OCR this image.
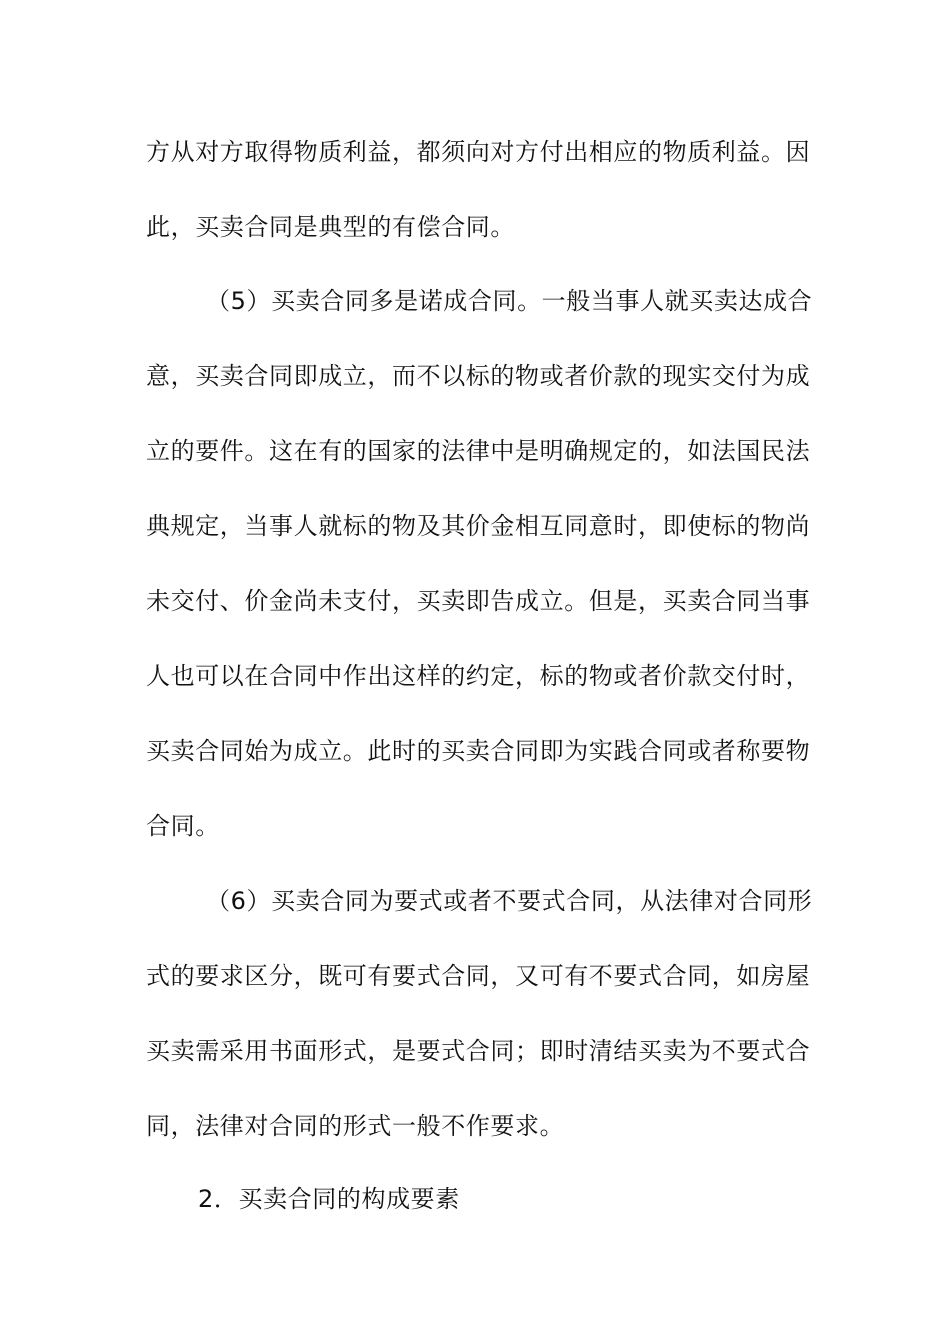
方从对方取得物质利益，都须向对方付出相应的物质利益。因
此，买卖合同是典型的有偿合同。
（5）买卖合同多是诺成合同。一般当事人就买卖达成合
意，买卖合同即成立，而不以标的物或者价款的现实交付为成
立的要件。这在有的国家的法律中是明确规定的，如法国民法
典规定，当事人就标的物及其价金相互同意时，即使标的物尚
未交付、价金尚未支付，买卖即告成立。但是，买卖合同当事
人也可以在合同中作出这样的约定，标的物或者价款交付时，
买卖合同始为成立。此时的买卖合同即为实践合同或者称要物
合同。
（6）买卖合同为要式或者不要式合同，从法律对合同形
式的要求区分，既可有要式合同，又可有不要式合同，如房屋
买卖需采用书面形式，是要式合同；即时清结买卖为不要式合
同，法律对合同的形式一般不作要求。
2．买卖合同的构成要素
